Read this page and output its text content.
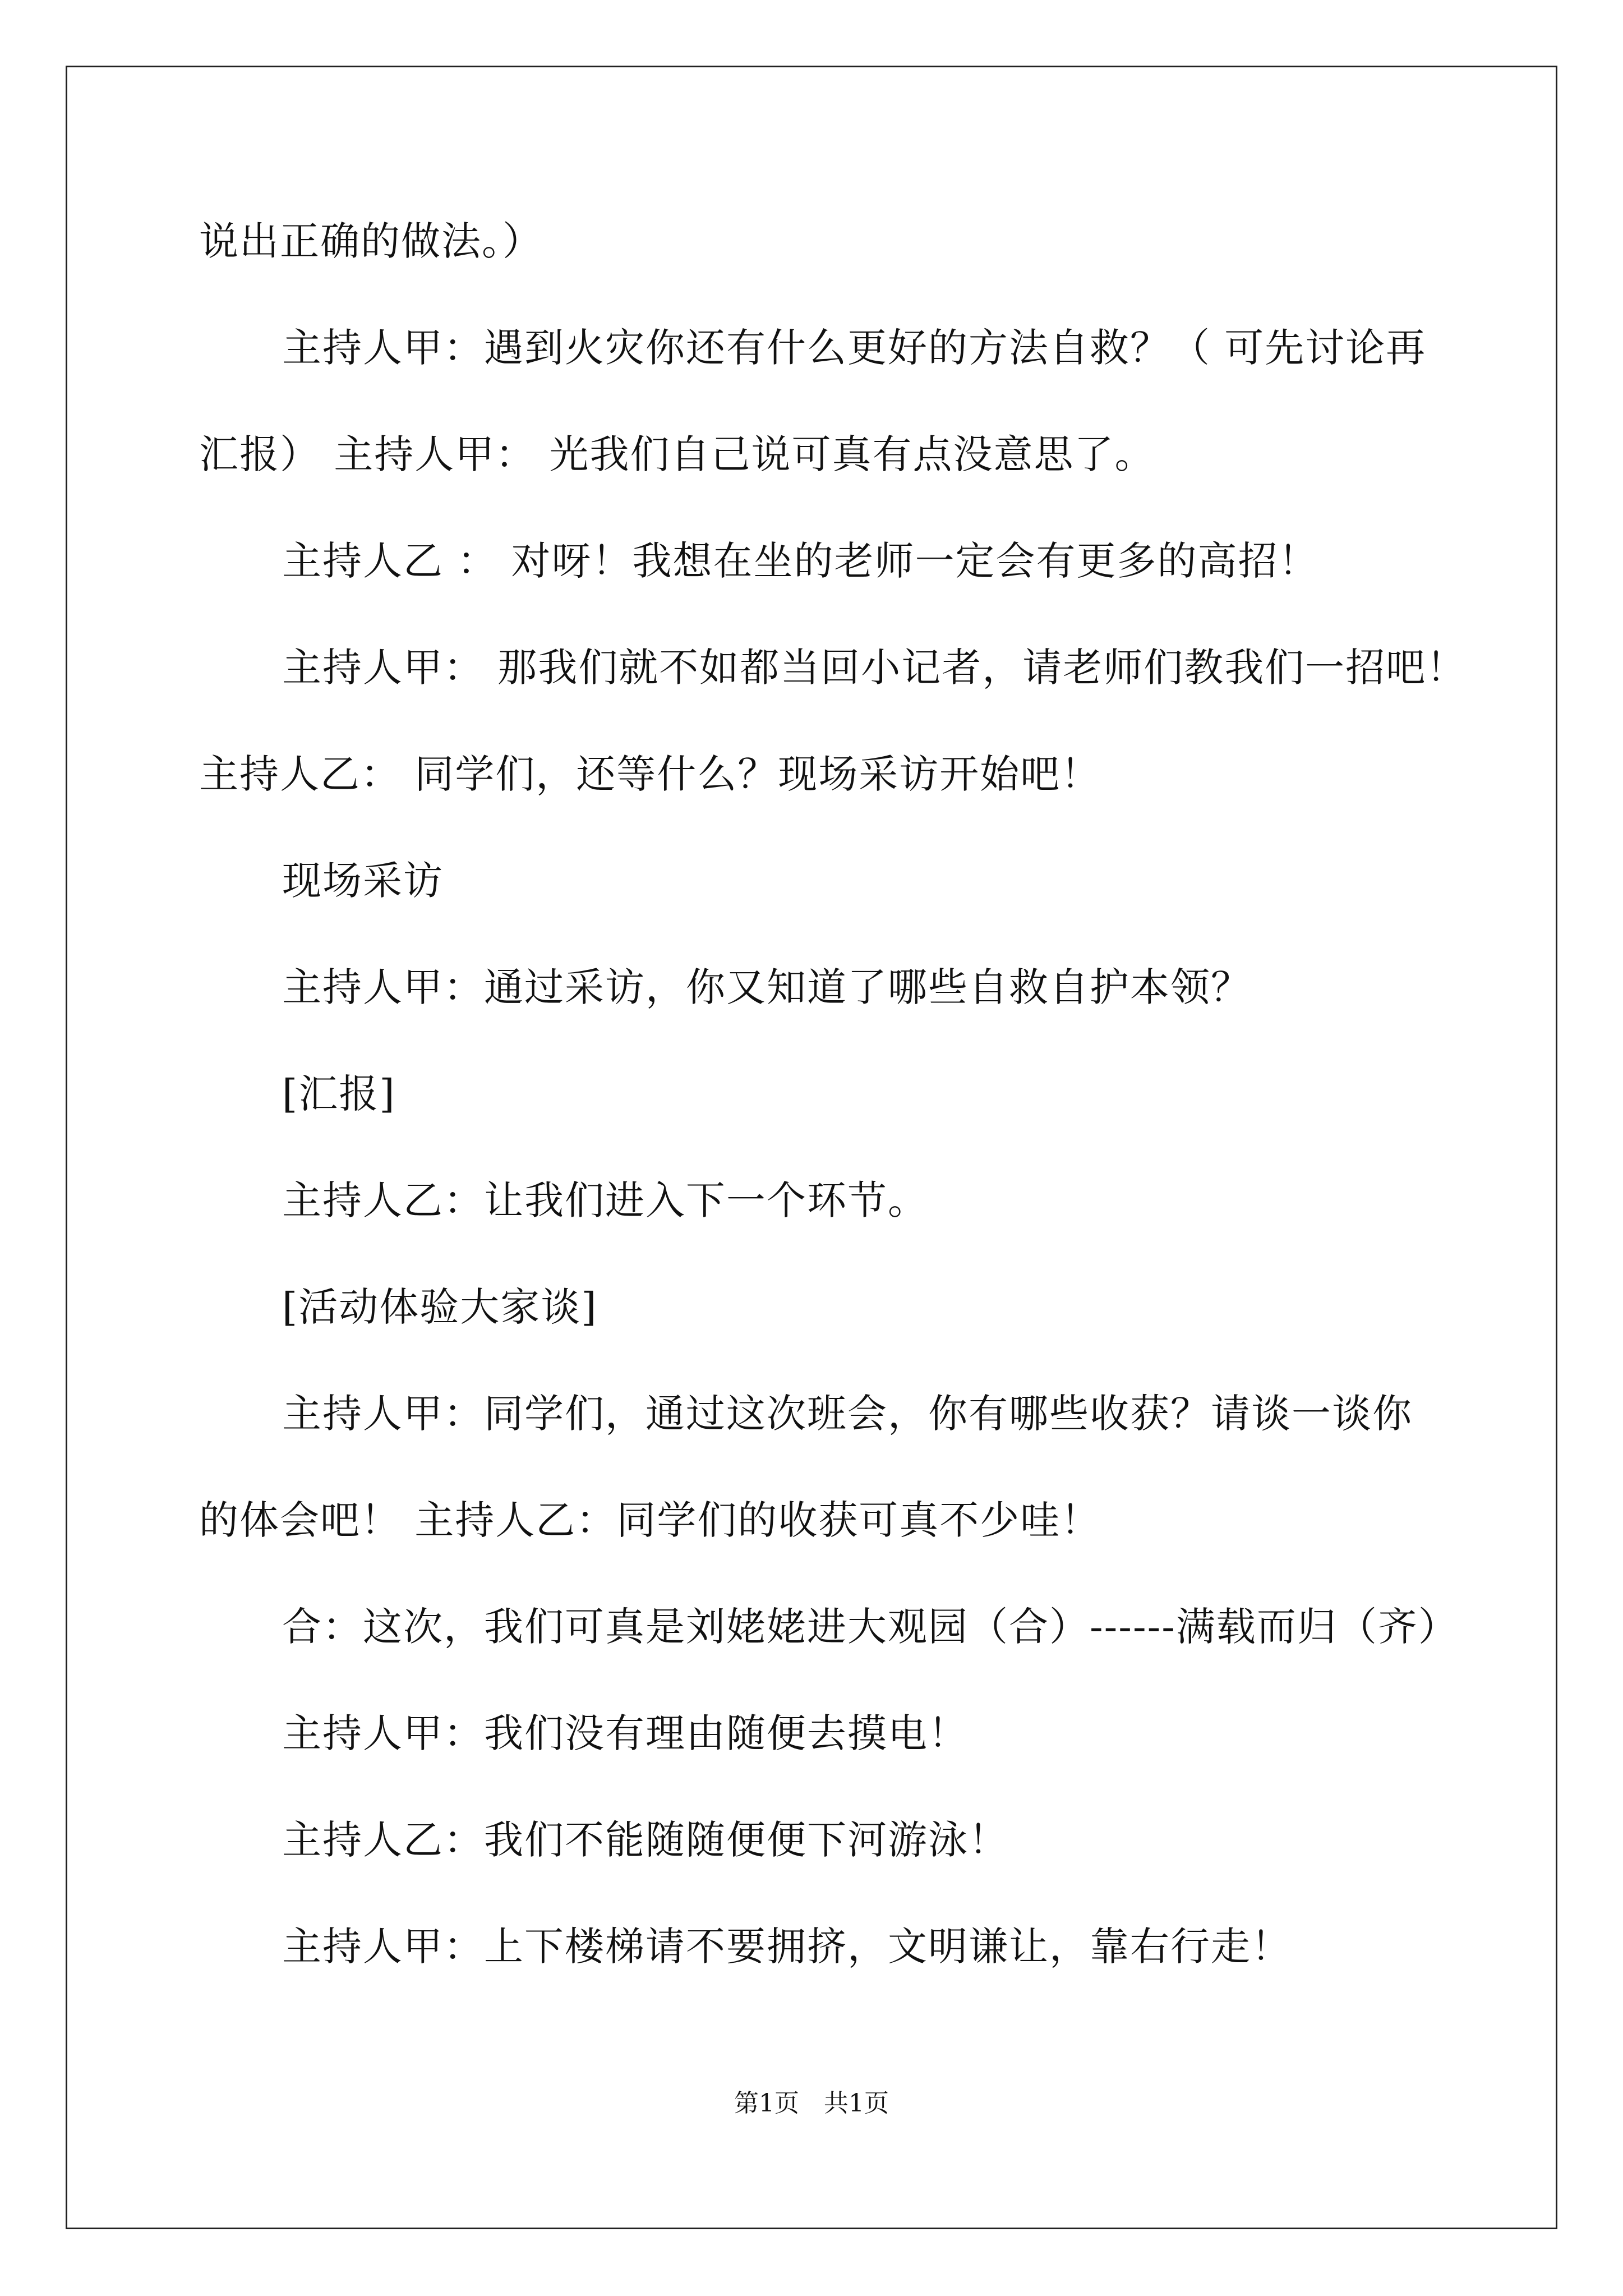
说出正确的做法。）
主持人甲：遇到火灾你还有什么更好的方法自救？（ 可先讨论再
汇报） 主持人甲： 光我们自己说可真有点没意思了。
主持人乙 ： 对呀！我想在坐的老师一定会有更多的高招！
主持人甲： 那我们就不如都当回小记者，请老师们教我们一招吧！
主持人乙： 同学们，还等什么？现场采访开始吧！
现场采访
主持人甲：通过采访，你又知道了哪些自救自护本领？
[汇报]
主持人乙：让我们进入下一个环节。
[活动体验大家谈]
主持人甲：同学们，通过这次班会，你有哪些收获？请谈一谈你
的体会吧！ 主持人乙：同学们的收获可真不少哇！
合：这次，我们可真是刘姥姥进大观园（合）------满载而归（齐）
主持人甲：我们没有理由随便去摸电！
主持人乙：我们不能随随便便下河游泳！
主持人甲：上下楼梯请不要拥挤，文明谦让，靠右行走！
第1页　共1页
